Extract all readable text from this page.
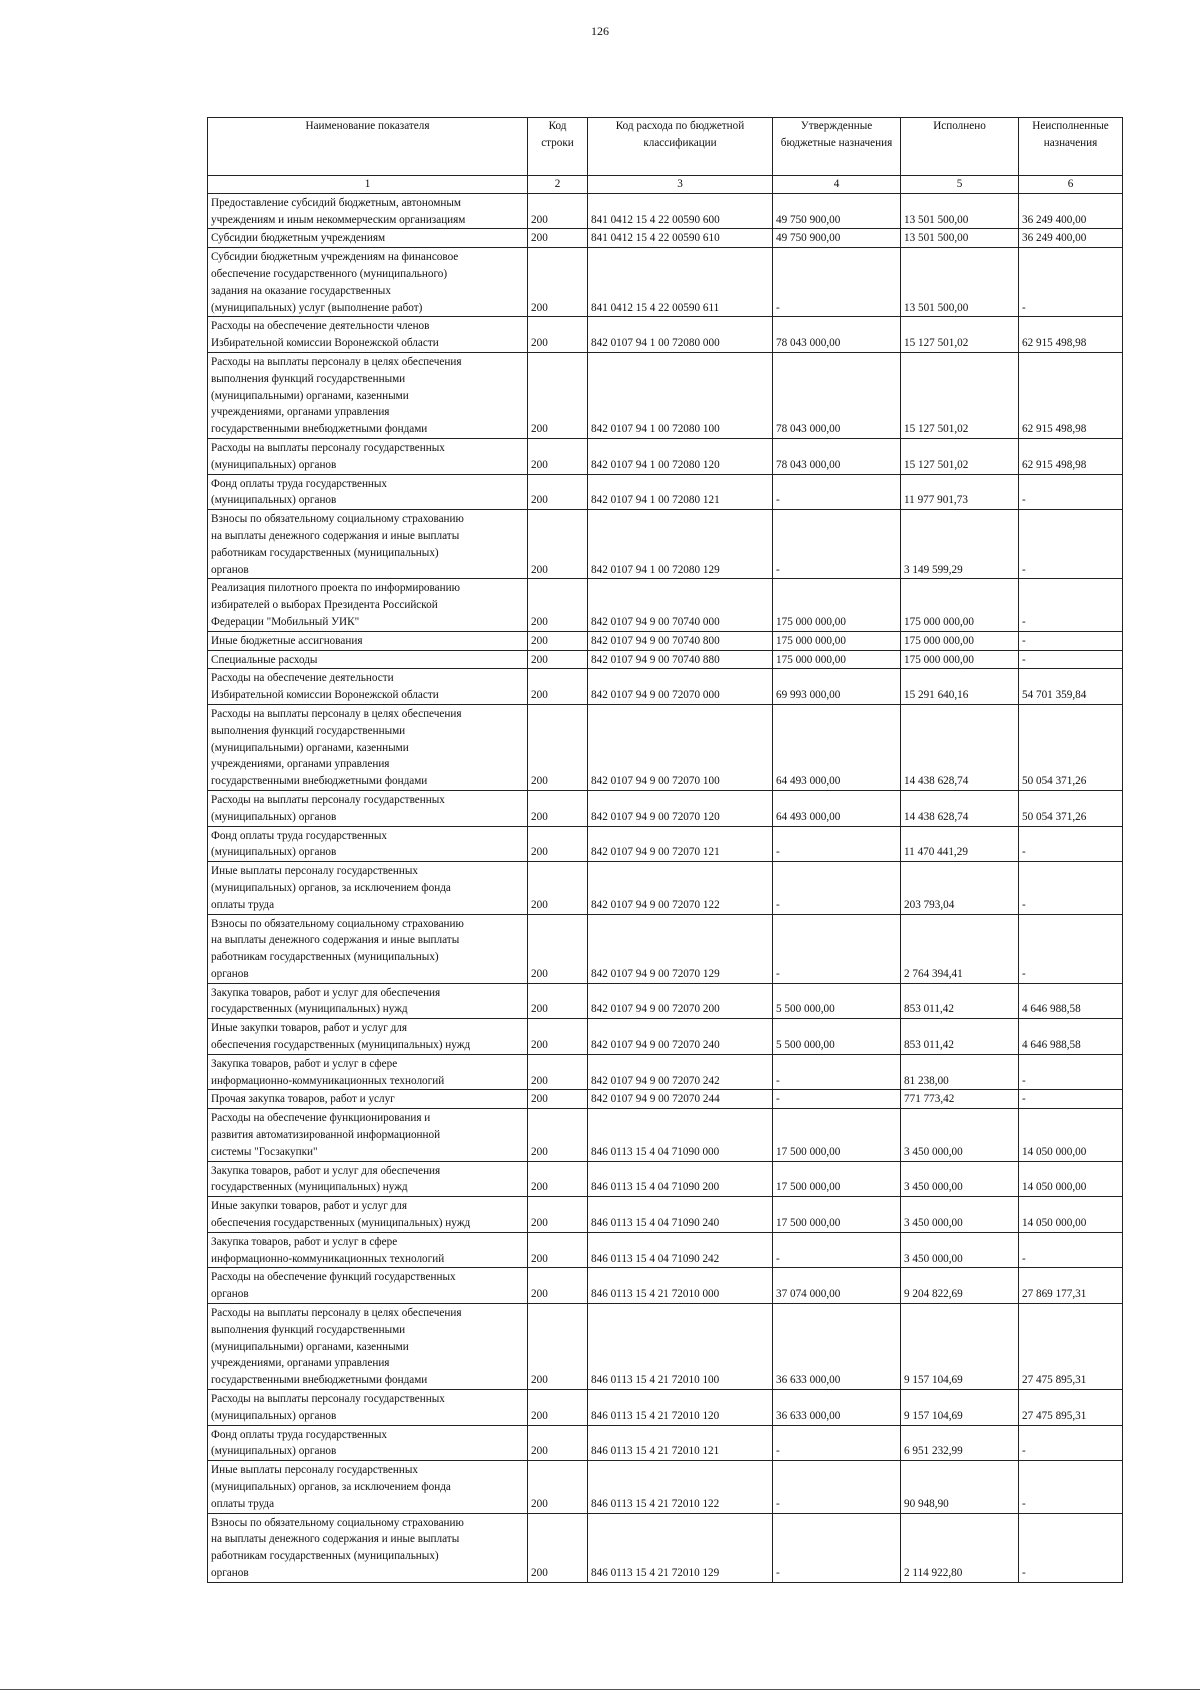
126
Наименование показателя	Код строки	Код расхода по бюджетной классификации	Утвержденные бюджетные назначения	Исполнено	Неисполненные назначения
1	2	3	4	5	6
Предоставление субсидий бюджетным, автономным
учреждениям и иным некоммерческим организациям	200	841 0412 15 4 22 00590 600	49 750 900,00	13 501 500,00	36 249 400,00
Субсидии бюджетным учреждениям	200	841 0412 15 4 22 00590 610	49 750 900,00	13 501 500,00	36 249 400,00
Субсидии бюджетным учреждениям на финансовое
обеспечение государственного (муниципального)
задания на оказание государственных
(муниципальных) услуг (выполнение работ)	200	841 0412 15 4 22 00590 611	-	13 501 500,00	-
Расходы на обеспечение деятельности членов
Избирательной комиссии Воронежской области	200	842 0107 94 1 00 72080 000	78 043 000,00	15 127 501,02	62 915 498,98
Расходы на выплаты персоналу в целях обеспечения
выполнения функций государственными
(муниципальными) органами, казенными
учреждениями, органами управления
государственными внебюджетными фондами	200	842 0107 94 1 00 72080 100	78 043 000,00	15 127 501,02	62 915 498,98
Расходы на выплаты персоналу государственных
(муниципальных) органов	200	842 0107 94 1 00 72080 120	78 043 000,00	15 127 501,02	62 915 498,98
Фонд оплаты труда государственных
(муниципальных) органов	200	842 0107 94 1 00 72080 121	-	11 977 901,73	-
Взносы по обязательному социальному страхованию
на выплаты денежного содержания и иные выплаты
работникам государственных (муниципальных)
органов	200	842 0107 94 1 00 72080 129	-	3 149 599,29	-
Реализация пилотного проекта по информированию
избирателей о выборах Президента Российской
Федерации "Мобильный УИК"	200	842 0107 94 9 00 70740 000	175 000 000,00	175 000 000,00	-
Иные бюджетные ассигнования	200	842 0107 94 9 00 70740 800	175 000 000,00	175 000 000,00	-
Специальные расходы	200	842 0107 94 9 00 70740 880	175 000 000,00	175 000 000,00	-
Расходы на обеспечение деятельности
Избирательной комиссии Воронежской области	200	842 0107 94 9 00 72070 000	69 993 000,00	15 291 640,16	54 701 359,84
Расходы на выплаты персоналу в целях обеспечения
выполнения функций государственными
(муниципальными) органами, казенными
учреждениями, органами управления
государственными внебюджетными фондами	200	842 0107 94 9 00 72070 100	64 493 000,00	14 438 628,74	50 054 371,26
Расходы на выплаты персоналу государственных
(муниципальных) органов	200	842 0107 94 9 00 72070 120	64 493 000,00	14 438 628,74	50 054 371,26
Фонд оплаты труда государственных
(муниципальных) органов	200	842 0107 94 9 00 72070 121	-	11 470 441,29	-
Иные выплаты персоналу государственных
(муниципальных) органов, за исключением фонда
оплаты труда	200	842 0107 94 9 00 72070 122	-	203 793,04	-
Взносы по обязательному социальному страхованию
на выплаты денежного содержания и иные выплаты
работникам государственных (муниципальных)
органов	200	842 0107 94 9 00 72070 129	-	2 764 394,41	-
Закупка товаров, работ и услуг для обеспечения
государственных (муниципальных) нужд	200	842 0107 94 9 00 72070 200	5 500 000,00	853 011,42	4 646 988,58
Иные закупки товаров, работ и услуг для
обеспечения государственных (муниципальных) нужд	200	842 0107 94 9 00 72070 240	5 500 000,00	853 011,42	4 646 988,58
Закупка товаров, работ и услуг в сфере
информационно-коммуникационных технологий	200	842 0107 94 9 00 72070 242	-	81 238,00	-
Прочая закупка товаров, работ и услуг	200	842 0107 94 9 00 72070 244	-	771 773,42	-
Расходы на обеспечение функционирования и
развития автоматизированной информационной
системы "Госзакупки"	200	846 0113 15 4 04 71090 000	17 500 000,00	3 450 000,00	14 050 000,00
Закупка товаров, работ и услуг для обеспечения
государственных (муниципальных) нужд	200	846 0113 15 4 04 71090 200	17 500 000,00	3 450 000,00	14 050 000,00
Иные закупки товаров, работ и услуг для
обеспечения государственных (муниципальных) нужд	200	846 0113 15 4 04 71090 240	17 500 000,00	3 450 000,00	14 050 000,00
Закупка товаров, работ и услуг в сфере
информационно-коммуникационных технологий	200	846 0113 15 4 04 71090 242	-	3 450 000,00	-
Расходы на обеспечение функций государственных
органов	200	846 0113 15 4 21 72010 000	37 074 000,00	9 204 822,69	27 869 177,31
Расходы на выплаты персоналу в целях обеспечения
выполнения функций государственными
(муниципальными) органами, казенными
учреждениями, органами управления
государственными внебюджетными фондами	200	846 0113 15 4 21 72010 100	36 633 000,00	9 157 104,69	27 475 895,31
Расходы на выплаты персоналу государственных
(муниципальных) органов	200	846 0113 15 4 21 72010 120	36 633 000,00	9 157 104,69	27 475 895,31
Фонд оплаты труда государственных
(муниципальных) органов	200	846 0113 15 4 21 72010 121	-	6 951 232,99	-
Иные выплаты персоналу государственных
(муниципальных) органов, за исключением фонда
оплаты труда	200	846 0113 15 4 21 72010 122	-	90 948,90	-
Взносы по обязательному социальному страхованию
на выплаты денежного содержания и иные выплаты
работникам государственных (муниципальных)
органов	200	846 0113 15 4 21 72010 129	-	2 114 922,80	-
